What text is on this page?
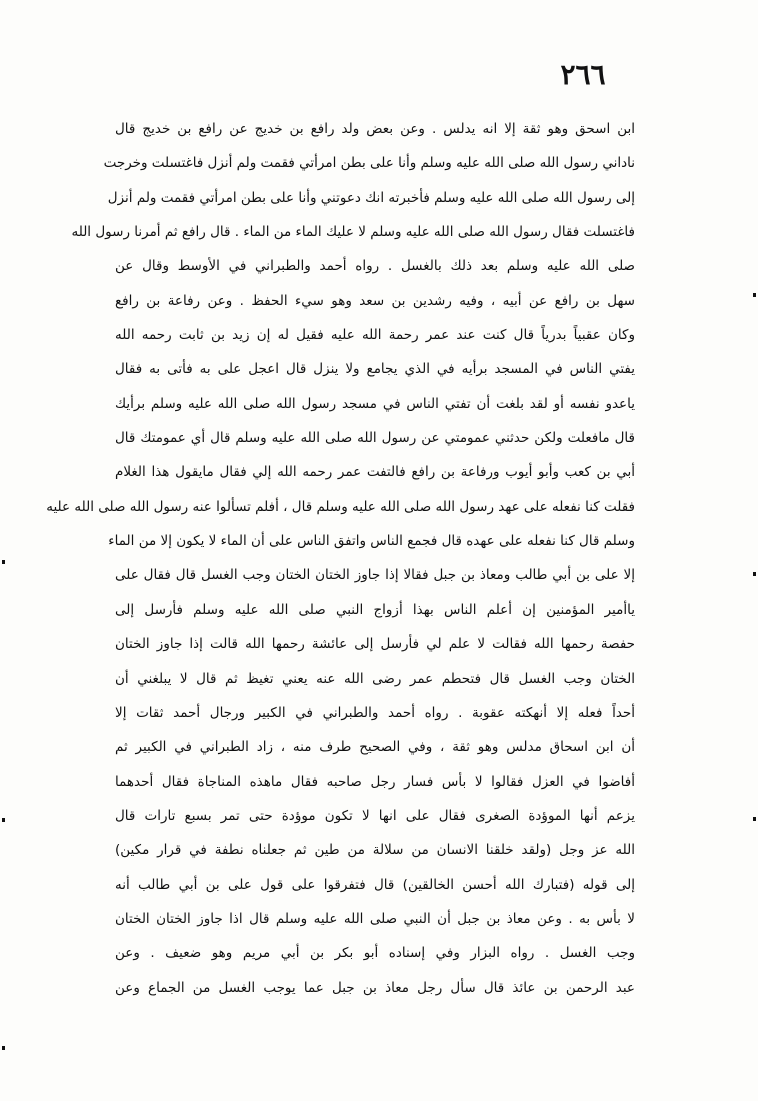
٢٦٦
ابن اسحق وهو ثقة إلا انه يدلس . وعن بعض ولد رافع بن خديج عن رافع بن خديج قال
ناداني رسول الله صلى الله عليه وسلم وأنا على بطن امرأتي فقمت ولم أنزل فاغتسلت وخرجت
إلى رسول الله صلى الله عليه وسلم فأخبرته انك دعوتني وأنا على بطن امرأتي فقمت ولم أنزل
فاغتسلت فقال رسول الله صلى الله عليه وسلم لا عليك الماء من الماء . قال رافع ثم أمرنا رسول الله
صلى الله عليه وسلم بعد ذلك بالغسل . رواه أحمد والطبراني في الأوسط وقال عن
سهل بن رافع عن أبيه ، وفيه رشدين بن سعد وهو سيء الحفظ . وعن رفاعة بن رافع
وكان عقبياً بدرياً قال كنت عند عمر رحمة الله عليه فقيل له إن زيد بن ثابت رحمه الله
يفتي الناس في المسجد برأيه في الذي يجامع ولا ينزل قال اعجل على به فأتى به فقال
ياعدو نفسه أو لقد بلغت أن تفتي الناس في مسجد رسول الله صلى الله عليه وسلم برأيك
قال مافعلت ولكن حدثني عمومتي عن رسول الله صلى الله عليه وسلم قال أي عمومتك قال
أبي بن كعب وأبو أيوب ورفاعة بن رافع فالتفت عمر رحمه الله إلي فقال مايقول هذا الغلام
فقلت كنا نفعله على عهد رسول الله صلى الله عليه وسلم قال ، أفلم تسألوا عنه رسول الله صلى الله عليه
وسلم قال كنا نفعله على عهده قال فجمع الناس واتفق الناس على أن الماء لا يكون إلا من الماء
إلا على بن أبي طالب ومعاذ بن جبل فقالا إذا جاوز الختان الختان وجب الغسل قال فقال على
ياأمير المؤمنين إن أعلم الناس بهذا أزواج النبي صلى الله عليه وسلم فأرسل إلى
حفصة رحمها الله فقالت لا علم لي فأرسل إلى عائشة رحمها الله قالت إذا جاوز الختان
الختان وجب الغسل قال فتحطم عمر رضى الله عنه يعني تغيظ ثم قال لا يبلغني أن
أحداً فعله إلا أنهكته عقوبة . رواه أحمد والطبراني في الكبير ورجال أحمد ثقات إلا
أن ابن اسحاق مدلس وهو ثقة ، وفي الصحيح طرف منه ، زاد الطبراني في الكبير ثم
أفاضوا في العزل فقالوا لا بأس فسار رجل صاحبه فقال ماهذه المناجاة فقال أحدهما
يزعم أنها الموؤدة الصغرى فقال على انها لا تكون موؤدة حتى تمر بسبع تارات قال
الله عز وجل (ولقد خلقنا الانسان من سلالة من طين ثم جعلناه نطفة في قرار مكين)
إلى قوله (فتبارك الله أحسن الخالقين) قال فتفرقوا على قول على بن أبي طالب أنه
لا بأس به . وعن معاذ بن جبل أن النبي صلى الله عليه وسلم قال اذا جاوز الختان الختان
وجب الغسل . رواه البزار وفي إسناده أبو بكر بن أبي مريم وهو ضعيف . وعن
عبد الرحمن بن عائذ قال سأل رجل معاذ بن جبل عما يوجب الغسل من الجماع وعن
